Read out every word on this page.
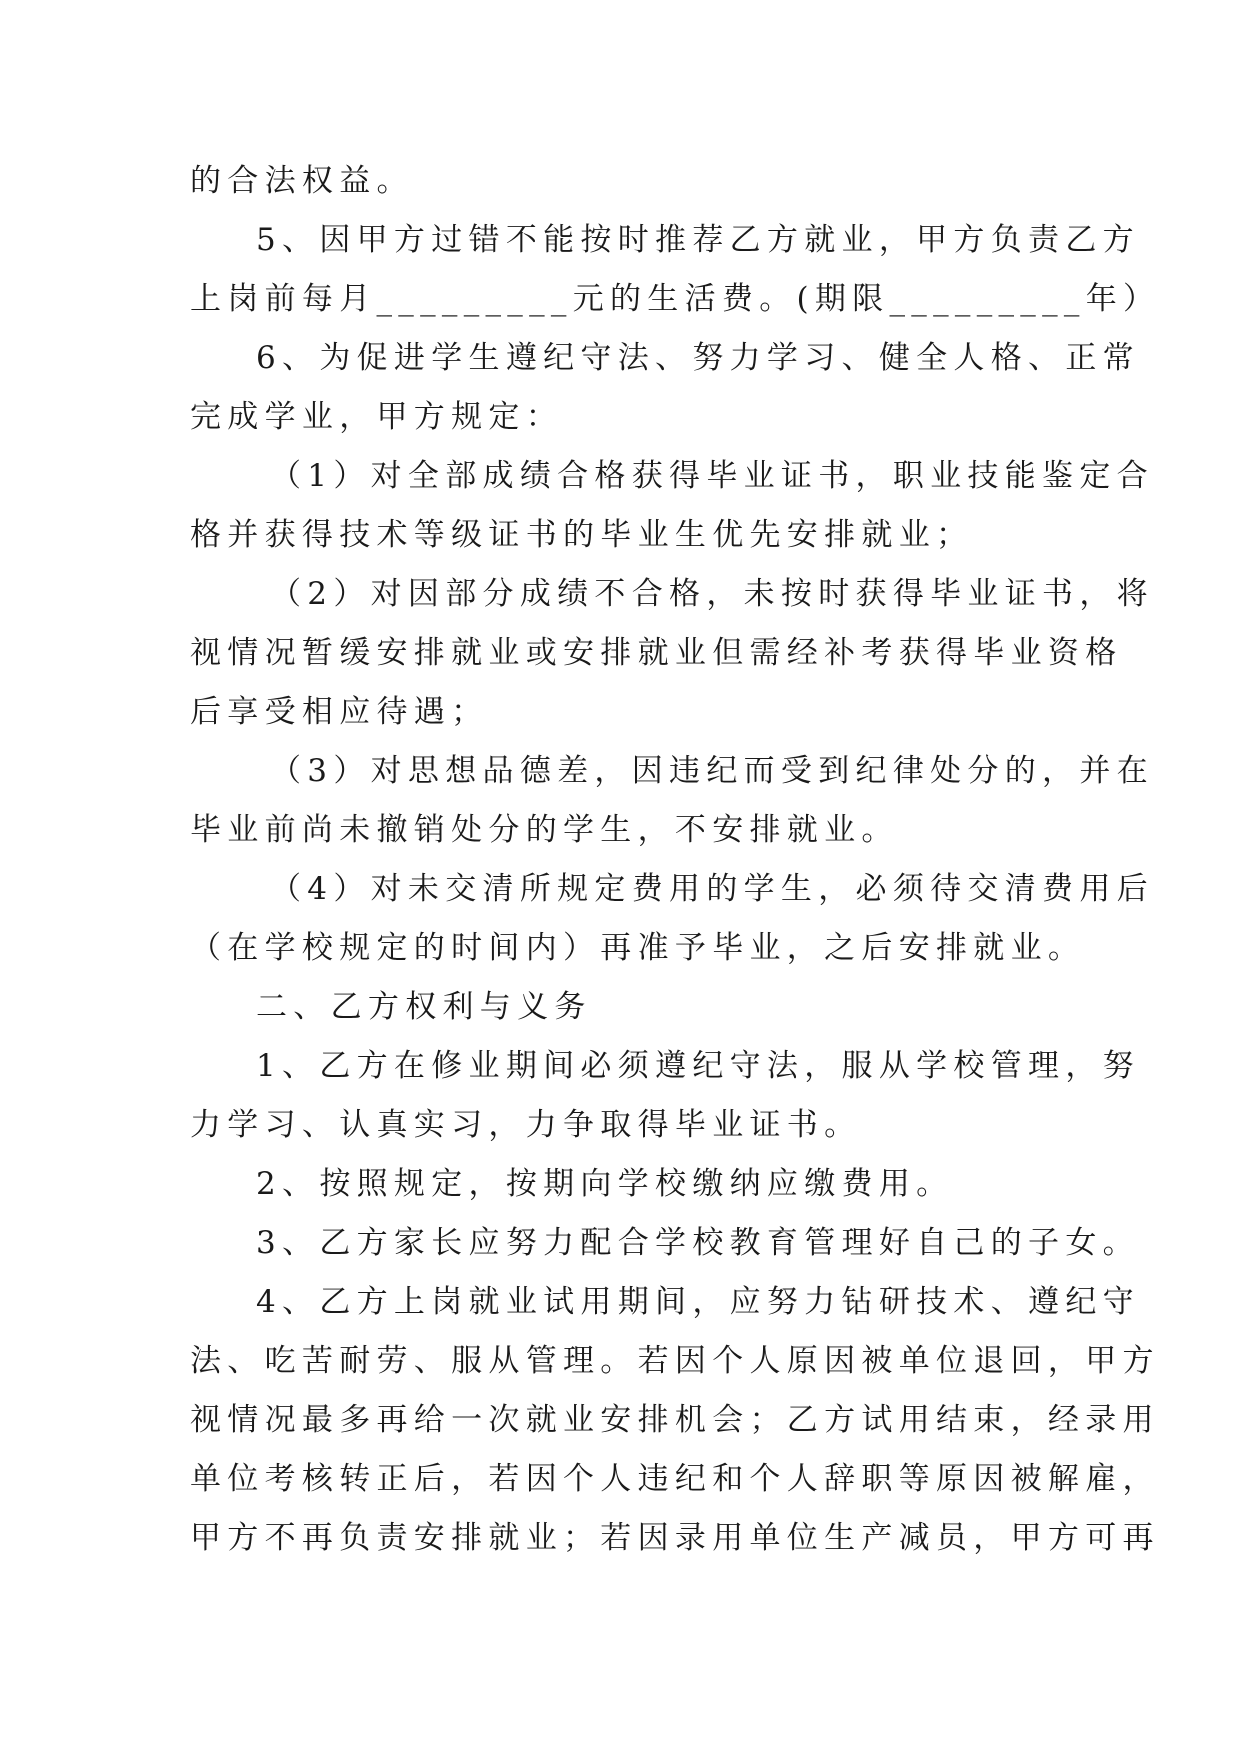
的合法权益。
5、因甲方过错不能按时推荐乙方就业，甲方负责乙方
上岗前每月_________元的生活费。(期限_________年）
6、为促进学生遵纪守法、努力学习、健全人格、正常
完成学业，甲方规定：
（1）对全部成绩合格获得毕业证书，职业技能鉴定合
格并获得技术等级证书的毕业生优先安排就业；
（2）对因部分成绩不合格，未按时获得毕业证书，将
视情况暂缓安排就业或安排就业但需经补考获得毕业资格
后享受相应待遇；
（3）对思想品德差，因违纪而受到纪律处分的，并在
毕业前尚未撤销处分的学生，不安排就业。
（4）对未交清所规定费用的学生，必须待交清费用后
（在学校规定的时间内）再准予毕业，之后安排就业。
二、乙方权利与义务
1、乙方在修业期间必须遵纪守法，服从学校管理，努
力学习、认真实习，力争取得毕业证书。
2、按照规定，按期向学校缴纳应缴费用。
3、乙方家长应努力配合学校教育管理好自己的子女。
4、乙方上岗就业试用期间，应努力钻研技术、遵纪守
法、吃苦耐劳、服从管理。若因个人原因被单位退回，甲方
视情况最多再给一次就业安排机会；乙方试用结束，经录用
单位考核转正后，若因个人违纪和个人辞职等原因被解雇，
甲方不再负责安排就业；若因录用单位生产减员，甲方可再
